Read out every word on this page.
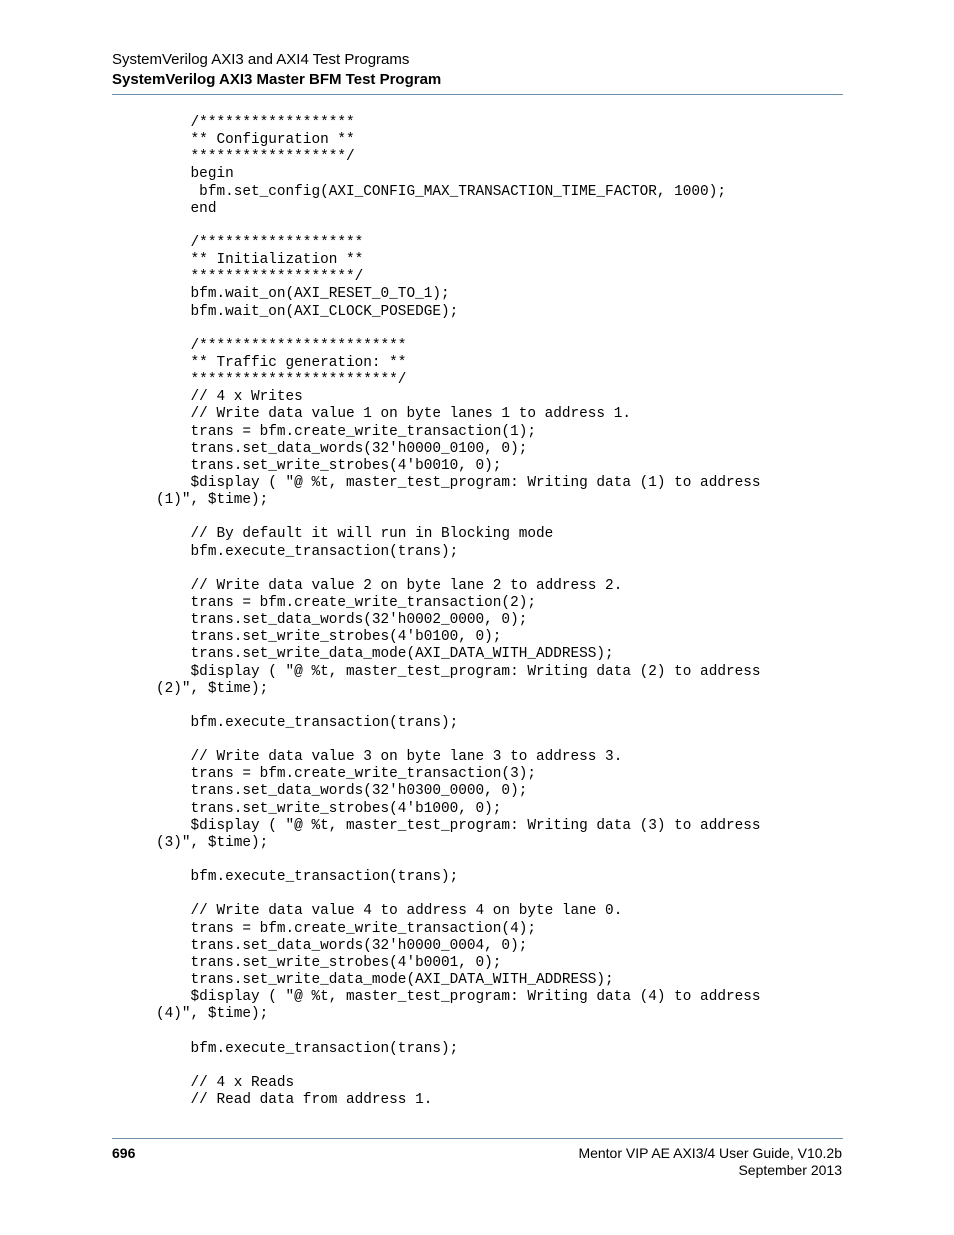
SystemVerilog AXI3 and AXI4 Test Programs
SystemVerilog AXI3 Master BFM Test Program
/******************
** Configuration **
******************/
begin
bfm.set_config(AXI_CONFIG_MAX_TRANSACTION_TIME_FACTOR, 1000);
end
/*******************
** Initialization **
*******************/
bfm.wait_on(AXI_RESET_0_TO_1);
bfm.wait_on(AXI_CLOCK_POSEDGE);
/************************
** Traffic generation: **
************************/
// 4 x Writes
// Write data value 1 on byte lanes 1 to address 1.
trans = bfm.create_write_transaction(1);
trans.set_data_words(32'h0000_0100, 0);
trans.set_write_strobes(4'b0010, 0);
$display ( "@ %t, master_test_program: Writing data (1) to address
(1)", $time);
// By default it will run in Blocking mode
bfm.execute_transaction(trans);
// Write data value 2 on byte lane 2 to address 2.
trans = bfm.create_write_transaction(2);
trans.set_data_words(32'h0002_0000, 0);
trans.set_write_strobes(4'b0100, 0);
trans.set_write_data_mode(AXI_DATA_WITH_ADDRESS);
$display ( "@ %t, master_test_program: Writing data (2) to address
(2)", $time);
bfm.execute_transaction(trans);
// Write data value 3 on byte lane 3 to address 3.
trans = bfm.create_write_transaction(3);
trans.set_data_words(32'h0300_0000, 0);
trans.set_write_strobes(4'b1000, 0);
$display ( "@ %t, master_test_program: Writing data (3) to address
(3)", $time);
bfm.execute_transaction(trans);
// Write data value 4 to address 4 on byte lane 0.
trans = bfm.create_write_transaction(4);
trans.set_data_words(32'h0000_0004, 0);
trans.set_write_strobes(4'b0001, 0);
trans.set_write_data_mode(AXI_DATA_WITH_ADDRESS);
$display ( "@ %t, master_test_program: Writing data (4) to address
(4)", $time);
bfm.execute_transaction(trans);
// 4 x Reads
// Read data from address 1.
696	Mentor VIP AE AXI3/4 User Guide, V10.2b
September 2013
